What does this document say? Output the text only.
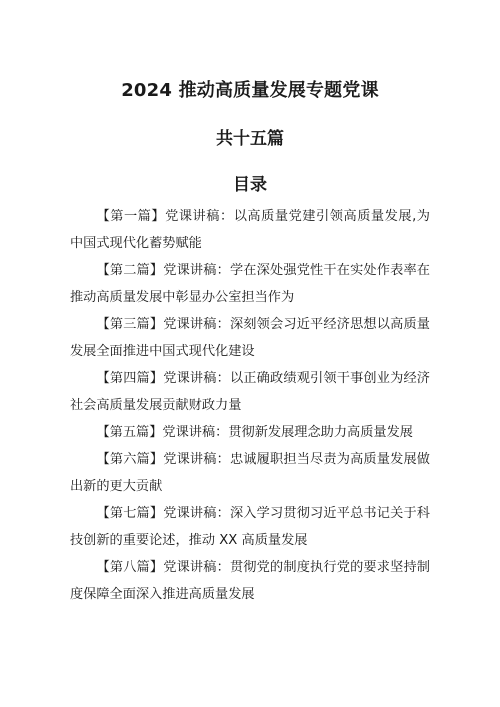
2024 推动高质量发展专题党课
共十五篇
目录
【第一篇】党课讲稿：以高质量党建引领高质量发展,为中国式现代化蓄势赋能
【第二篇】党课讲稿：学在深处强党性干在实处作表率在推动高质量发展中彰显办公室担当作为
【第三篇】党课讲稿：深刻领会习近平经济思想以高质量发展全面推进中国式现代化建设
【第四篇】党课讲稿：以正确政绩观引领干事创业为经济社会高质量发展贡献财政力量
【第五篇】党课讲稿：贯彻新发展理念助力高质量发展
【第六篇】党课讲稿：忠诚履职担当尽责为高质量发展做出新的更大贡献
【第七篇】党课讲稿：深入学习贯彻习近平总书记关于科技创新的重要论述，推动 XX 高质量发展
【第八篇】党课讲稿：贯彻党的制度执行党的要求坚持制度保障全面深入推进高质量发展
